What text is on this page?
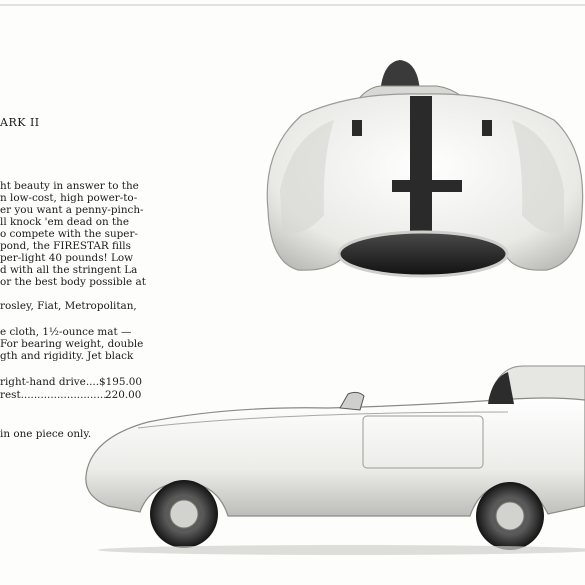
ARK II
ht beauty in answer to the
n low-cost, high power-to-
er you want a penny-pinch-
ll knock 'em dead on the
o compete with the super-
pond, the FIRESTAR fills
per-light 40 pounds! Low
d with all the stringent La
or the best body possible at
rosley, Fiat, Metropolitan,
e cloth, 1½-ounce mat —
For bearing weight, double
gth and rigidity. Jet black
right-hand drive....$195.00
rest..........................
220.00
in one piece only.
